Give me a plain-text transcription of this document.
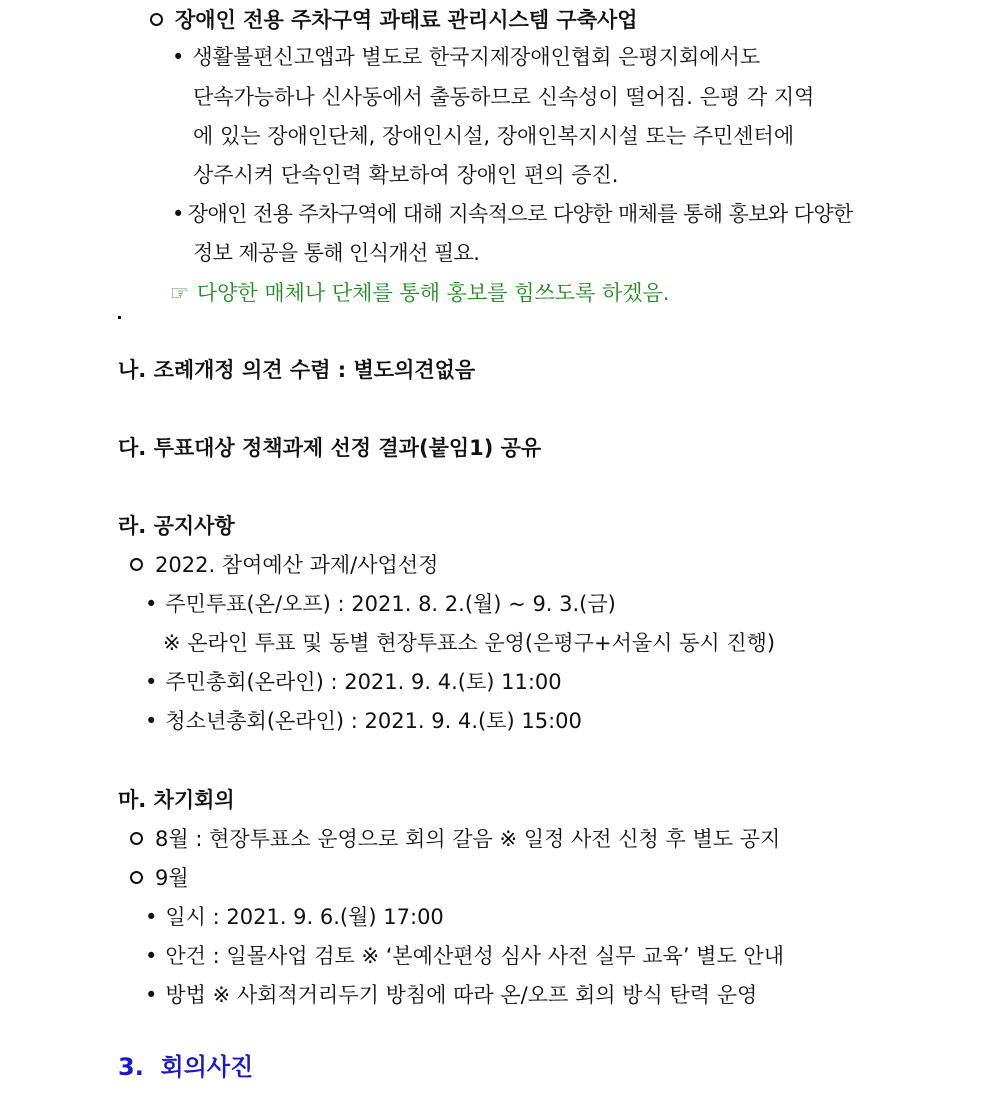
장애인 전용 주차구역 과태료 관리시스템 구축사업
• 생활불편신고앱과 별도로 한국지제장애인협회 은평지회에서도
단속가능하나 신사동에서 출동하므로 신속성이 떨어짐. 은평 각 지역
에 있는 장애인단체, 장애인시설, 장애인복지시설 또는 주민센터에
상주시켜 단속인력 확보하여 장애인 편의 증진.
• 장애인 전용 주차구역에 대해 지속적으로 다양한 매체를 통해 홍보와 다양한
정보 제공을 통해 인식개선 필요.
☞ 다양한 매체나 단체를 통해 홍보를 힘쓰도록 하겠음.
나. 조례개정 의견 수렴 : 별도의견없음
다. 투표대상 정책과제 선정 결과(붙임1) 공유
라. 공지사항
2022. 참여예산 과제/사업선정
• 주민투표(온/오프) : 2021. 8. 2.(월) ~ 9. 3.(금)
※ 온라인 투표 및 동별 현장투표소 운영(은평구+서울시 동시 진행)
• 주민총회(온라인) : 2021. 9. 4.(토) 11:00
• 청소년총회(온라인) : 2021. 9. 4.(토) 15:00
마. 차기회의
8월 : 현장투표소 운영으로 회의 갈음 ※ 일정 사전 신청 후 별도 공지
9월
• 일시 : 2021. 9. 6.(월) 17:00
• 안건 : 일몰사업 검토 ※ ‘본예산편성 심사 사전 실무 교육’ 별도 안내
• 방법 ※ 사회적거리두기 방침에 따라 온/오프 회의 방식 탄력 운영
3.  회의사진
